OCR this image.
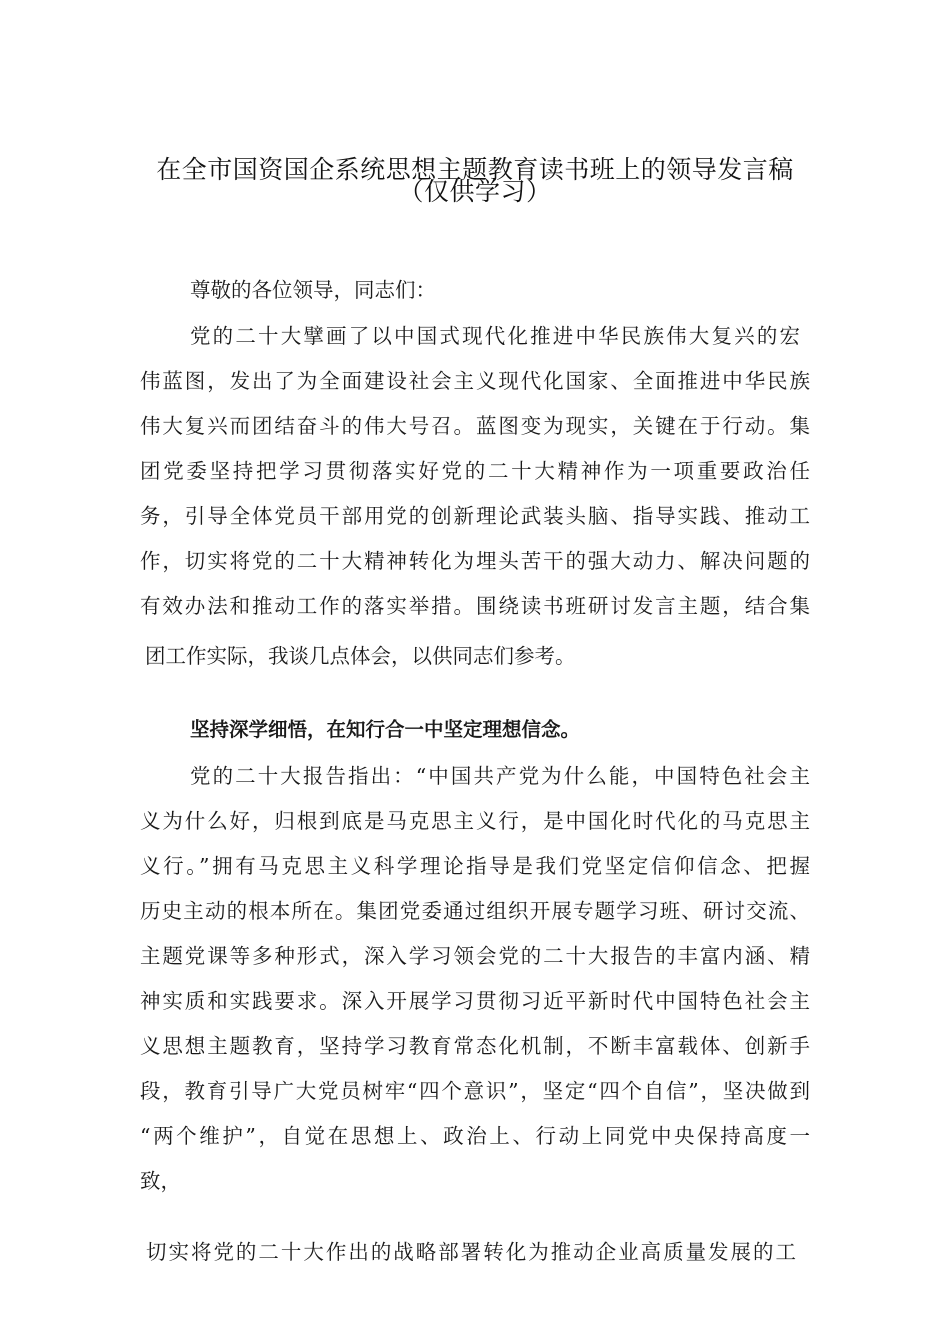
在全市国资国企系统思想主题教育读书班上的领导发言稿
（仅供学习）
尊敬的各位领导，同志们：
党的二十大擘画了以中国式现代化推进中华民族伟大复兴的宏
伟蓝图，发出了为全面建设社会主义现代化国家、全面推进中华民族
伟大复兴而团结奋斗的伟大号召。蓝图变为现实，关键在于行动。集
团党委坚持把学习贯彻落实好党的二十大精神作为一项重要政治任
务，引导全体党员干部用党的创新理论武装头脑、指导实践、推动工
作，切实将党的二十大精神转化为埋头苦干的强大动力、解决问题的
有效办法和推动工作的落实举措。围绕读书班研讨发言主题，结合集
团工作实际，我谈几点体会，以供同志们参考。
坚持深学细悟，在知行合一中坚定理想信念。
党的二十大报告指出：“中国共产党为什么能，中国特色社会主
义为什么好，归根到底是马克思主义行，是中国化时代化的马克思主
义行。”拥有马克思主义科学理论指导是我们党坚定信仰信念、把握
历史主动的根本所在。集团党委通过组织开展专题学习班、研讨交流、
主题党课等多种形式，深入学习领会党的二十大报告的丰富内涵、精
神实质和实践要求。深入开展学习贯彻习近平新时代中国特色社会主
义思想主题教育，坚持学习教育常态化机制，不断丰富载体、创新手
段，教育引导广大党员树牢“四个意识”，坚定“四个自信”，坚决做到
“两个维护”，自觉在思想上、政治上、行动上同党中央保持高度一
致，
切实将党的二十大作出的战略部署转化为推动企业高质量发展的工
